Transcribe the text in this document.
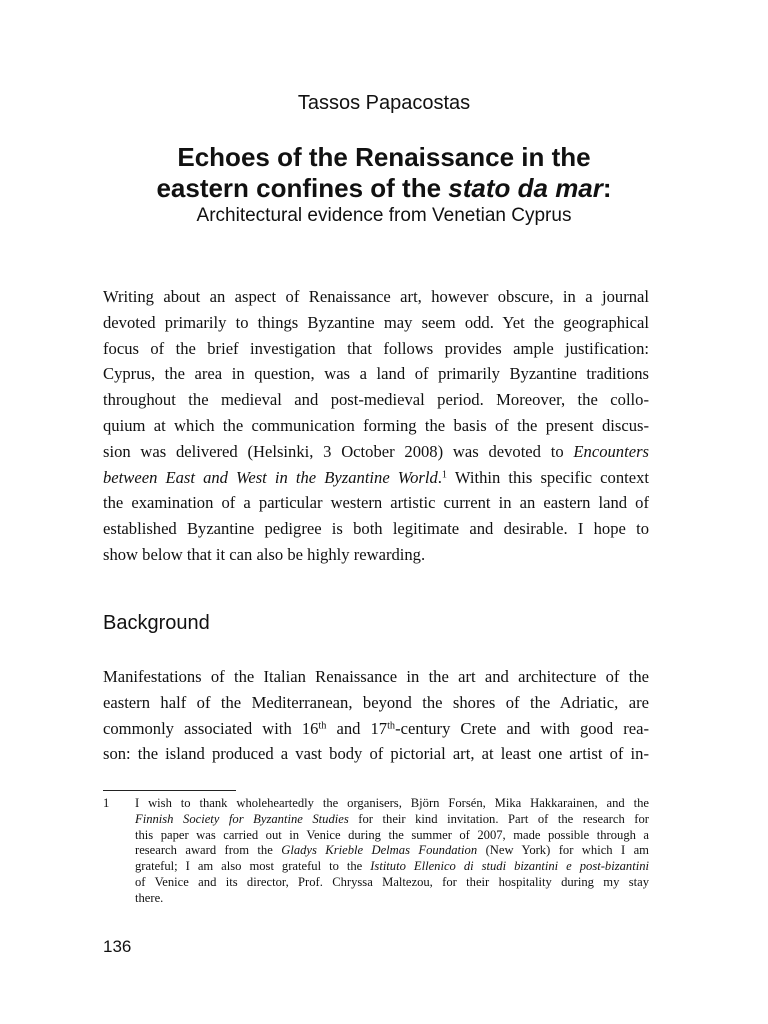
Tassos Papacostas
Echoes of the Renaissance in the
eastern confines of the stato da mar:
Architectural evidence from Venetian Cyprus
Writing about an aspect of Renaissance art, however obscure, in a journal
devoted primarily to things Byzantine may seem odd. Yet the geographical
focus of the brief investigation that follows provides ample justification:
Cyprus, the area in question, was a land of primarily Byzantine traditions
throughout the medieval and post-medieval period. Moreover, the collo-
quium at which the communication forming the basis of the present discus-
sion was delivered (Helsinki, 3 October 2008) was devoted to Encounters
between East and West in the Byzantine World.$^1$ Within this specific context
the examination of a particular western artistic current in an eastern land of
established Byzantine pedigree is both legitimate and desirable. I hope to
show below that it can also be highly rewarding.
Background
Manifestations of the Italian Renaissance in the art and architecture of the
eastern half of the Mediterranean, beyond the shores of the Adriatic, are
commonly associated with 16th and 17th-century Crete and with good rea-
son: the island produced a vast body of pictorial art, at least one artist of in-
1 I wish to thank wholeheartedly the organisers, Björn Forsén, Mika Hakkarainen, and the
Finnish Society for Byzantine Studies for their kind invitation. Part of the research for
this paper was carried out in Venice during the summer of 2007, made possible through a
research award from the Gladys Krieble Delmas Foundation (New York) for which I am
grateful; I am also most grateful to the Istituto Ellenico di studi bizantini e post-bizantini
of Venice and its director, Prof. Chryssa Maltezou, for their hospitality during my stay
there.
136
